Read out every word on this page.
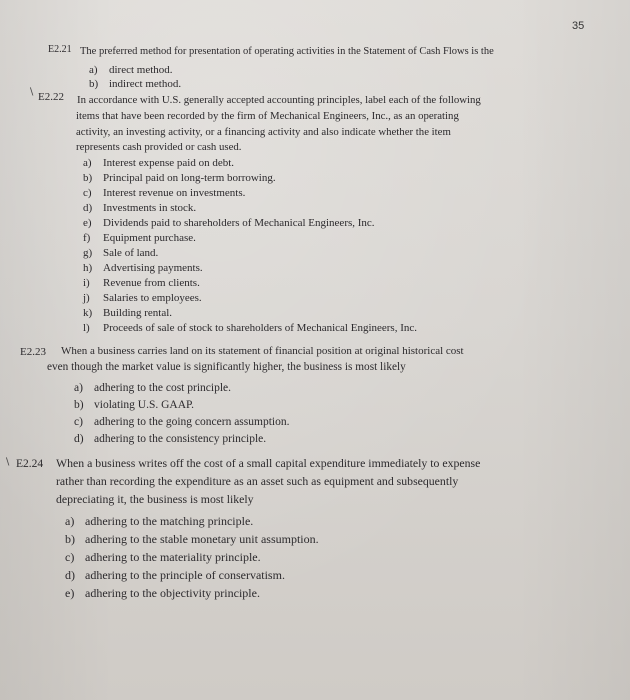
35
E2.21 The preferred method for presentation of operating activities in the Statement of Cash Flows is the
a) direct method.
b) indirect method.
∖ E2.22 In accordance with U.S. generally accepted accounting principles, label each of the following
items that have been recorded by the firm of Mechanical Engineers, Inc., as an operating
activity, an investing activity, or a financing activity and also indicate whether the item
represents cash provided or cash used.
a) Interest expense paid on debt.
b) Principal paid on long-term borrowing.
c) Interest revenue on investments.
d) Investments in stock.
e) Dividends paid to shareholders of Mechanical Engineers, Inc.
f) Equipment purchase.
g) Sale of land.
h) Advertising payments.
i) Revenue from clients.
j) Salaries to employees.
k) Building rental.
l) Proceeds of sale of stock to shareholders of Mechanical Engineers, Inc.
E2.23 When a business carries land on its statement of financial position at original historical cost
even though the market value is significantly higher, the business is most likely
a) adhering to the cost principle.
b) violating U.S. GAAP.
c) adhering to the going concern assumption.
d) adhering to the consistency principle.
∖ E2.24 When a business writes off the cost of a small capital expenditure immediately to expense
rather than recording the expenditure as an asset such as equipment and subsequently
depreciating it, the business is most likely
a) adhering to the matching principle.
b) adhering to the stable monetary unit assumption.
c) adhering to the materiality principle.
d) adhering to the principle of conservatism.
e) adhering to the objectivity principle.
